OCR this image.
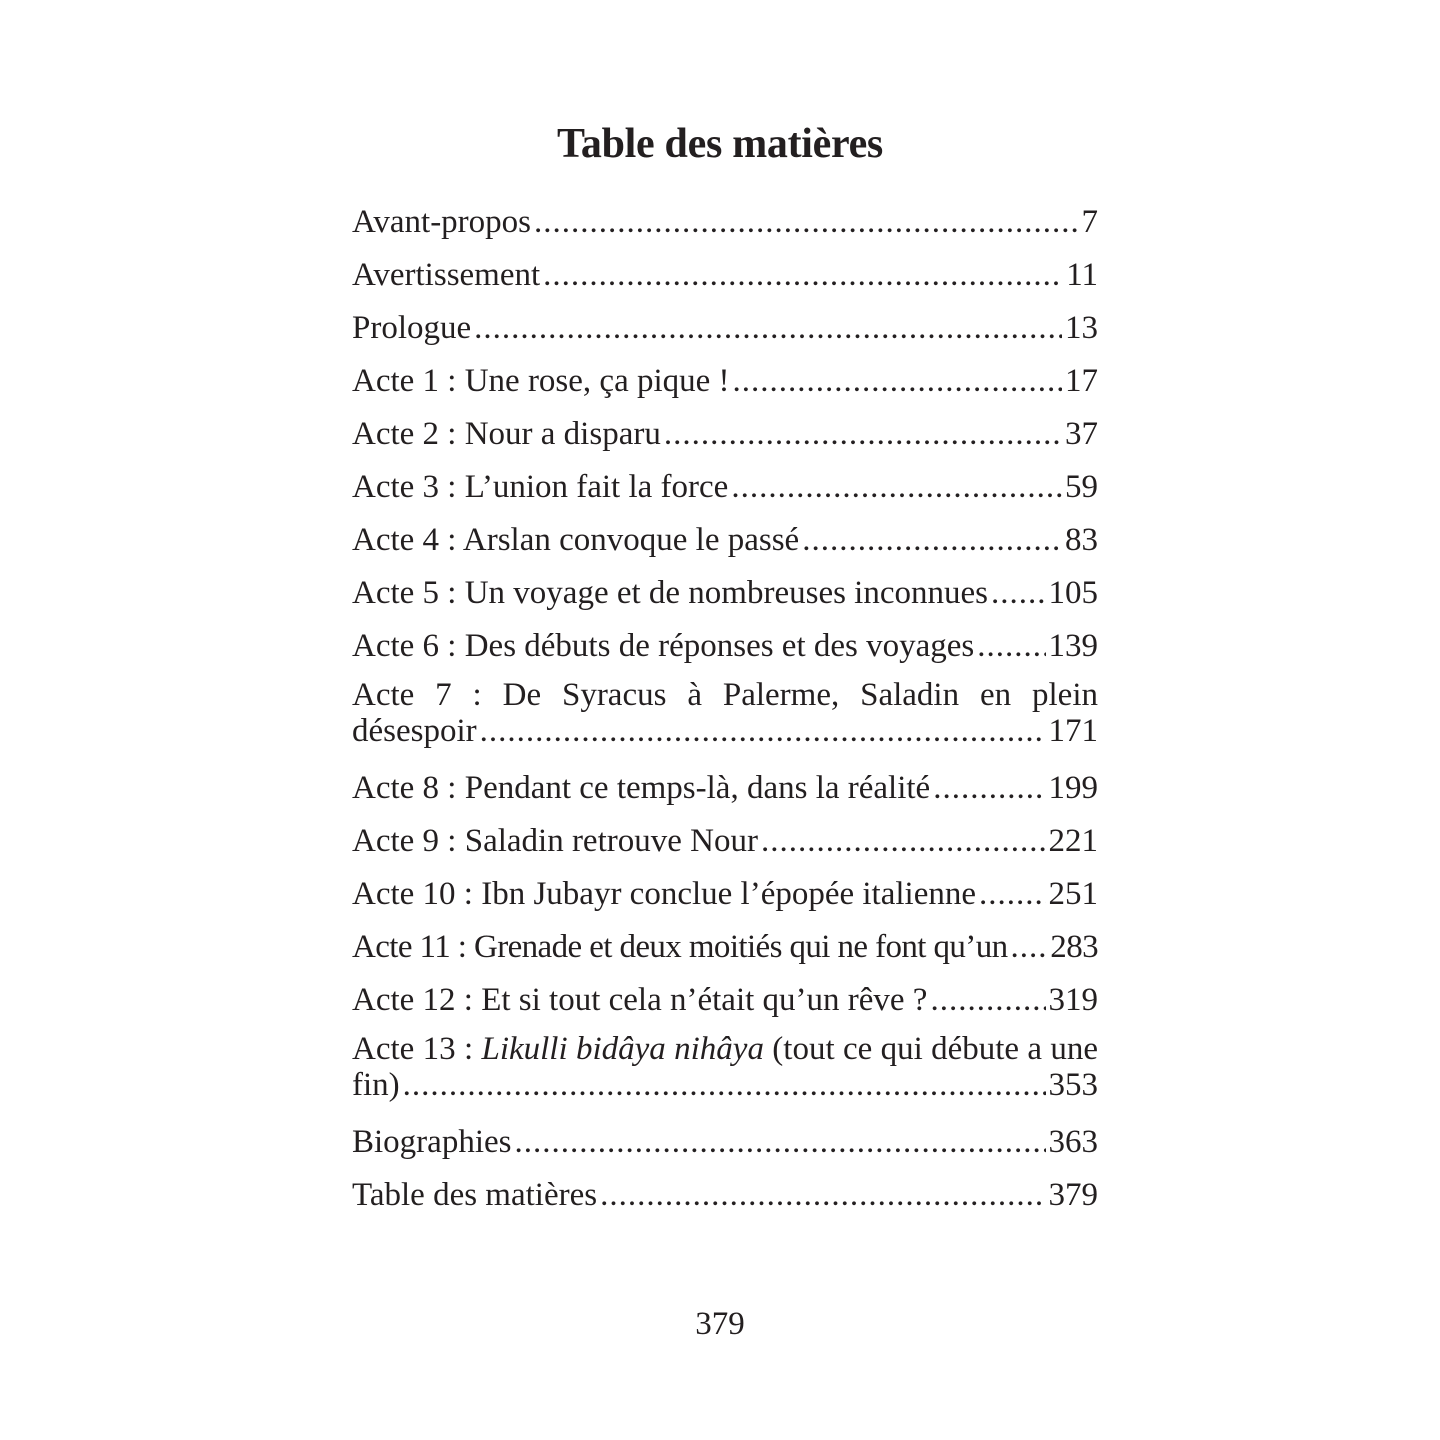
Table des matières
Avant-propos .....	7
Avertissement .....	11
Prologue .....	13
Acte 1 : Une rose, ça pique ! .....	17
Acte 2 : Nour a disparu .....	37
Acte 3 : L’union fait la force .....	59
Acte 4 : Arslan convoque le passé .....	83
Acte 5 : Un voyage et de nombreuses inconnues ..... 105
Acte 6 : Des débuts de réponses et des voyages ..... 139
Acte 7 : De Syracus à Palerme, Saladin en plein
désespoir .....	171
Acte 8 : Pendant ce temps-là, dans la réalité .....	199
Acte 9 : Saladin retrouve Nour .....	221
Acte 10 : Ibn Jubayr conclue l’épopée italienne ..... 251
Acte 11 : Grenade et deux moitiés qui ne font qu’un ..... 283
Acte 12 : Et si tout cela n’était qu’un rêve ? .....	319
Acte 13 : Likulli bidâya nihâya (tout ce qui débute a une
fin) .....	353
Biographies .....	363
Table des matières .....	379
379
